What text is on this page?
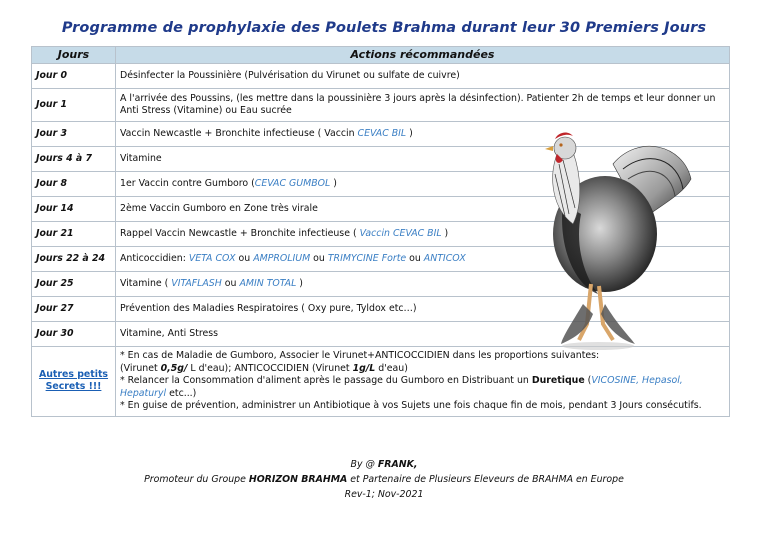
Programme de prophylaxie des Poulets Brahma durant leur 30 Premiers Jours
Jours	Actions récommandées
Jour 0	Désinfecter la Poussinière (Pulvérisation du Virunet ou sulfate de cuivre)
Jour 1	A l'arrivée des Poussins, (les mettre dans la poussinière 3 jours après la désinfection). Patienter 2h de temps et leur donner un Anti Stress (Vitamine) ou Eau sucrée
Jour 3	Vaccin Newcastle + Bronchite infectieuse ( Vaccin CEVAC BIL )
Jours 4 à 7	Vitamine
Jour 8	1er Vaccin contre Gumboro (CEVAC GUMBOL )
Jour 14	2ème Vaccin Gumboro en Zone très virale
Jour 21	Rappel Vaccin Newcastle + Bronchite infectieuse ( Vaccin CEVAC BIL )
Jours 22 à 24	Anticoccidien: VETA COX ou AMPROLIUM ou TRIMYCINE Forte ou ANTICOX
Jour 25	Vitamine ( VITAFLASH ou AMIN TOTAL )
Jour 27	Prévention des Maladies Respiratoires ( Oxy pure, Tyldox etc…)
Jour 30	Vitamine, Anti Stress
Autres petits Secrets !!!	* En cas de Maladie de Gumboro, Associer le Virunet+ANTICOCCIDIEN dans les proportions suivantes:
(Virunet 0,5g/ L d'eau); ANTICOCCIDIEN (Virunet 1g/L d'eau)
* Relancer la Consommation d'aliment après le passage du Gumboro en Distribuant un Duretique (VICOSINE, Hepasol, Hepaturyl etc...)
* En guise de prévention, administrer un Antibiotique à vos Sujets une fois chaque fin de mois, pendant 3 Jours consécutifs.
By @ FRANK,
Promoteur du Groupe HORIZON BRAHMA et Partenaire de Plusieurs Eleveurs de BRAHMA en Europe
Rev-1; Nov-2021
